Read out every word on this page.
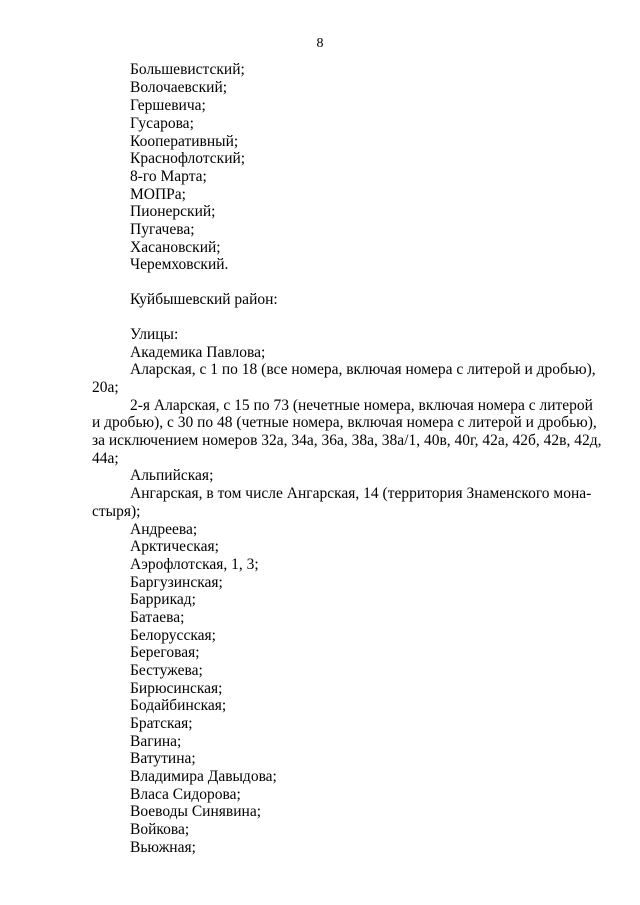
8
Большевистский;
Волочаевский;
Гершевича;
Гусарова;
Кооперативный;
Краснофлотский;
8-го Марта;
МОПРа;
Пионерский;
Пугачева;
Хасановский;
Черемховский.
Куйбышевский район:
Улицы:
Академика Павлова;
Аларская, с 1 по 18 (все номера, включая номера с литерой и дробью),
20а;
2-я Аларская, с 15 по 73 (нечетные номера, включая номера с литерой
и дробью), с 30 по 48 (четные номера, включая номера с литерой и дробью),
за исключением номеров 32а, 34а, 36а, 38а, 38а/1, 40в, 40г, 42а, 42б, 42в, 42д,
44а;
Альпийская;
Ангарская, в том числе Ангарская, 14 (территория Знаменского мона-
стыря);
Андреева;
Арктическая;
Аэрофлотская, 1, 3;
Баргузинская;
Баррикад;
Батаева;
Белорусская;
Береговая;
Бестужева;
Бирюсинская;
Бодайбинская;
Братская;
Вагина;
Ватутина;
Владимира Давыдова;
Власа Сидорова;
Воеводы Синявина;
Войкова;
Вьюжная;
